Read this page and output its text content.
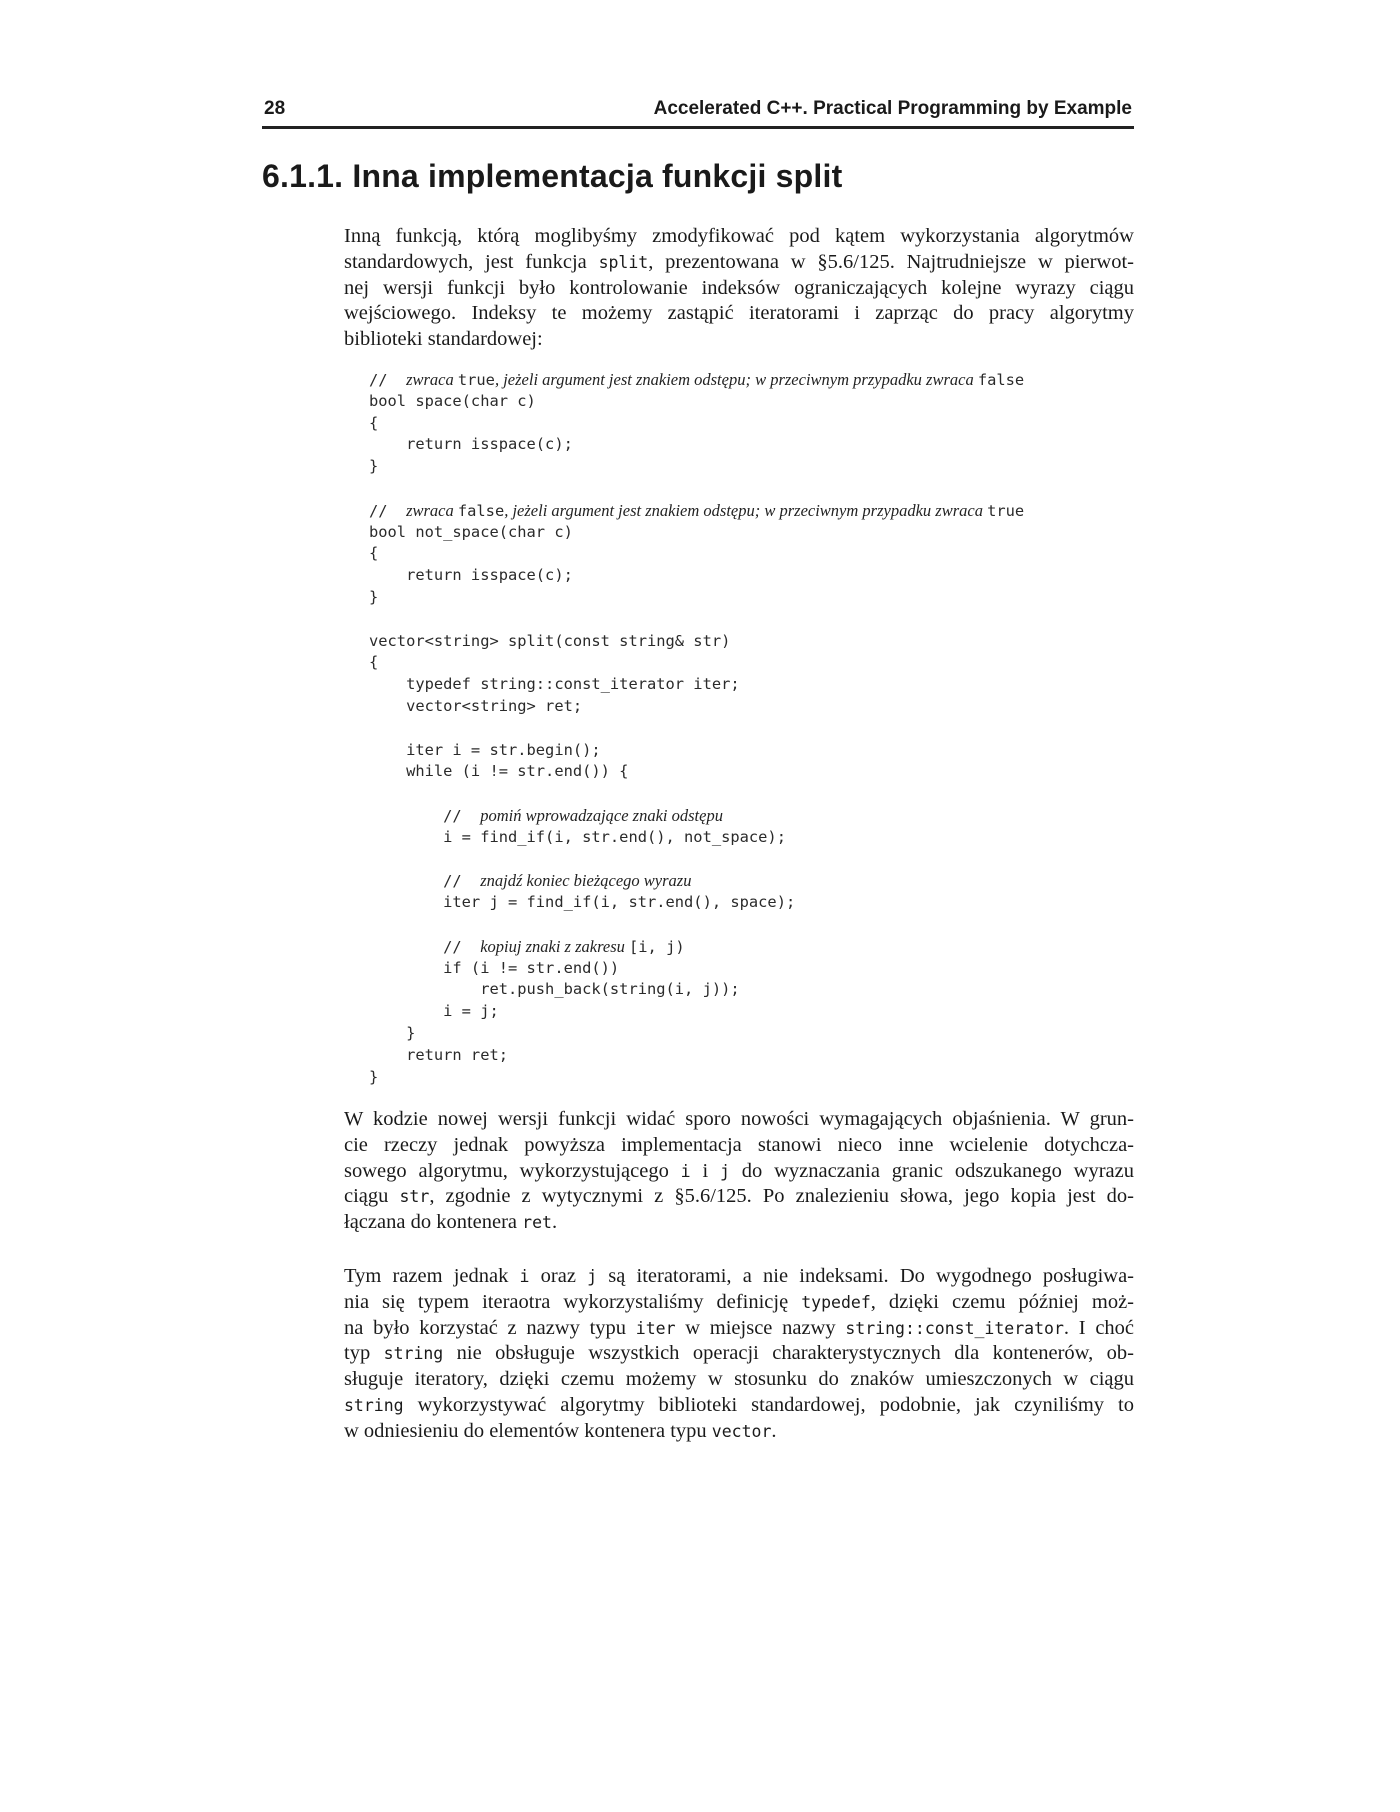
28	Accelerated C++. Practical Programming by Example
6.1.1. Inna implementacja funkcji split
Inną funkcją, którą moglibyśmy zmodyfikować pod kątem wykorzystania algorytmów
standardowych, jest funkcja split, prezentowana w §5.6/125. Najtrudniejsze w pierwot-
nej wersji funkcji było kontrolowanie indeksów ograniczających kolejne wyrazy ciągu
wejściowego. Indeksy te możemy zastąpić iteratorami i zaprząc do pracy algorytmy
biblioteki standardowej:
//  zwraca true, jeżeli argument jest znakiem odstępu; w przeciwnym przypadku zwraca false
bool space(char c)
{
return isspace(c);
}
//  zwraca false, jeżeli argument jest znakiem odstępu; w przeciwnym przypadku zwraca true
bool not_space(char c)
{
return isspace(c);
}
vector<string> split(const string& str)
{
typedef string::const_iterator iter;
vector<string> ret;
iter i = str.begin();
while (i != str.end()) {
//  pomiń wprowadzające znaki odstępu
i = find_if(i, str.end(), not_space);
//  znajdź koniec bieżącego wyrazu
iter j = find_if(i, str.end(), space);
//  kopiuj znaki z zakresu [i, j)
if (i != str.end())
ret.push_back(string(i, j));
i = j;
}
return ret;
}
W kodzie nowej wersji funkcji widać sporo nowości wymagających objaśnienia. W grun-
cie rzeczy jednak powyższa implementacja stanowi nieco inne wcielenie dotychcza-
sowego algorytmu, wykorzystującego i i j do wyznaczania granic odszukanego wyrazu
ciągu str, zgodnie z wytycznymi z §5.6/125. Po znalezieniu słowa, jego kopia jest do-
łączana do kontenera ret.
Tym razem jednak i oraz j są iteratorami, a nie indeksami. Do wygodnego posługiwa-
nia się typem iteraotra wykorzystaliśmy definicję typedef, dzięki czemu później moż-
na było korzystać z nazwy typu iter w miejsce nazwy string::const_iterator. I choć
typ string nie obsługuje wszystkich operacji charakterystycznych dla kontenerów, ob-
sługuje iteratory, dzięki czemu możemy w stosunku do znaków umieszczonych w ciągu
string wykorzystywać algorytmy biblioteki standardowej, podobnie, jak czyniliśmy to
w odniesieniu do elementów kontenera typu vector.
